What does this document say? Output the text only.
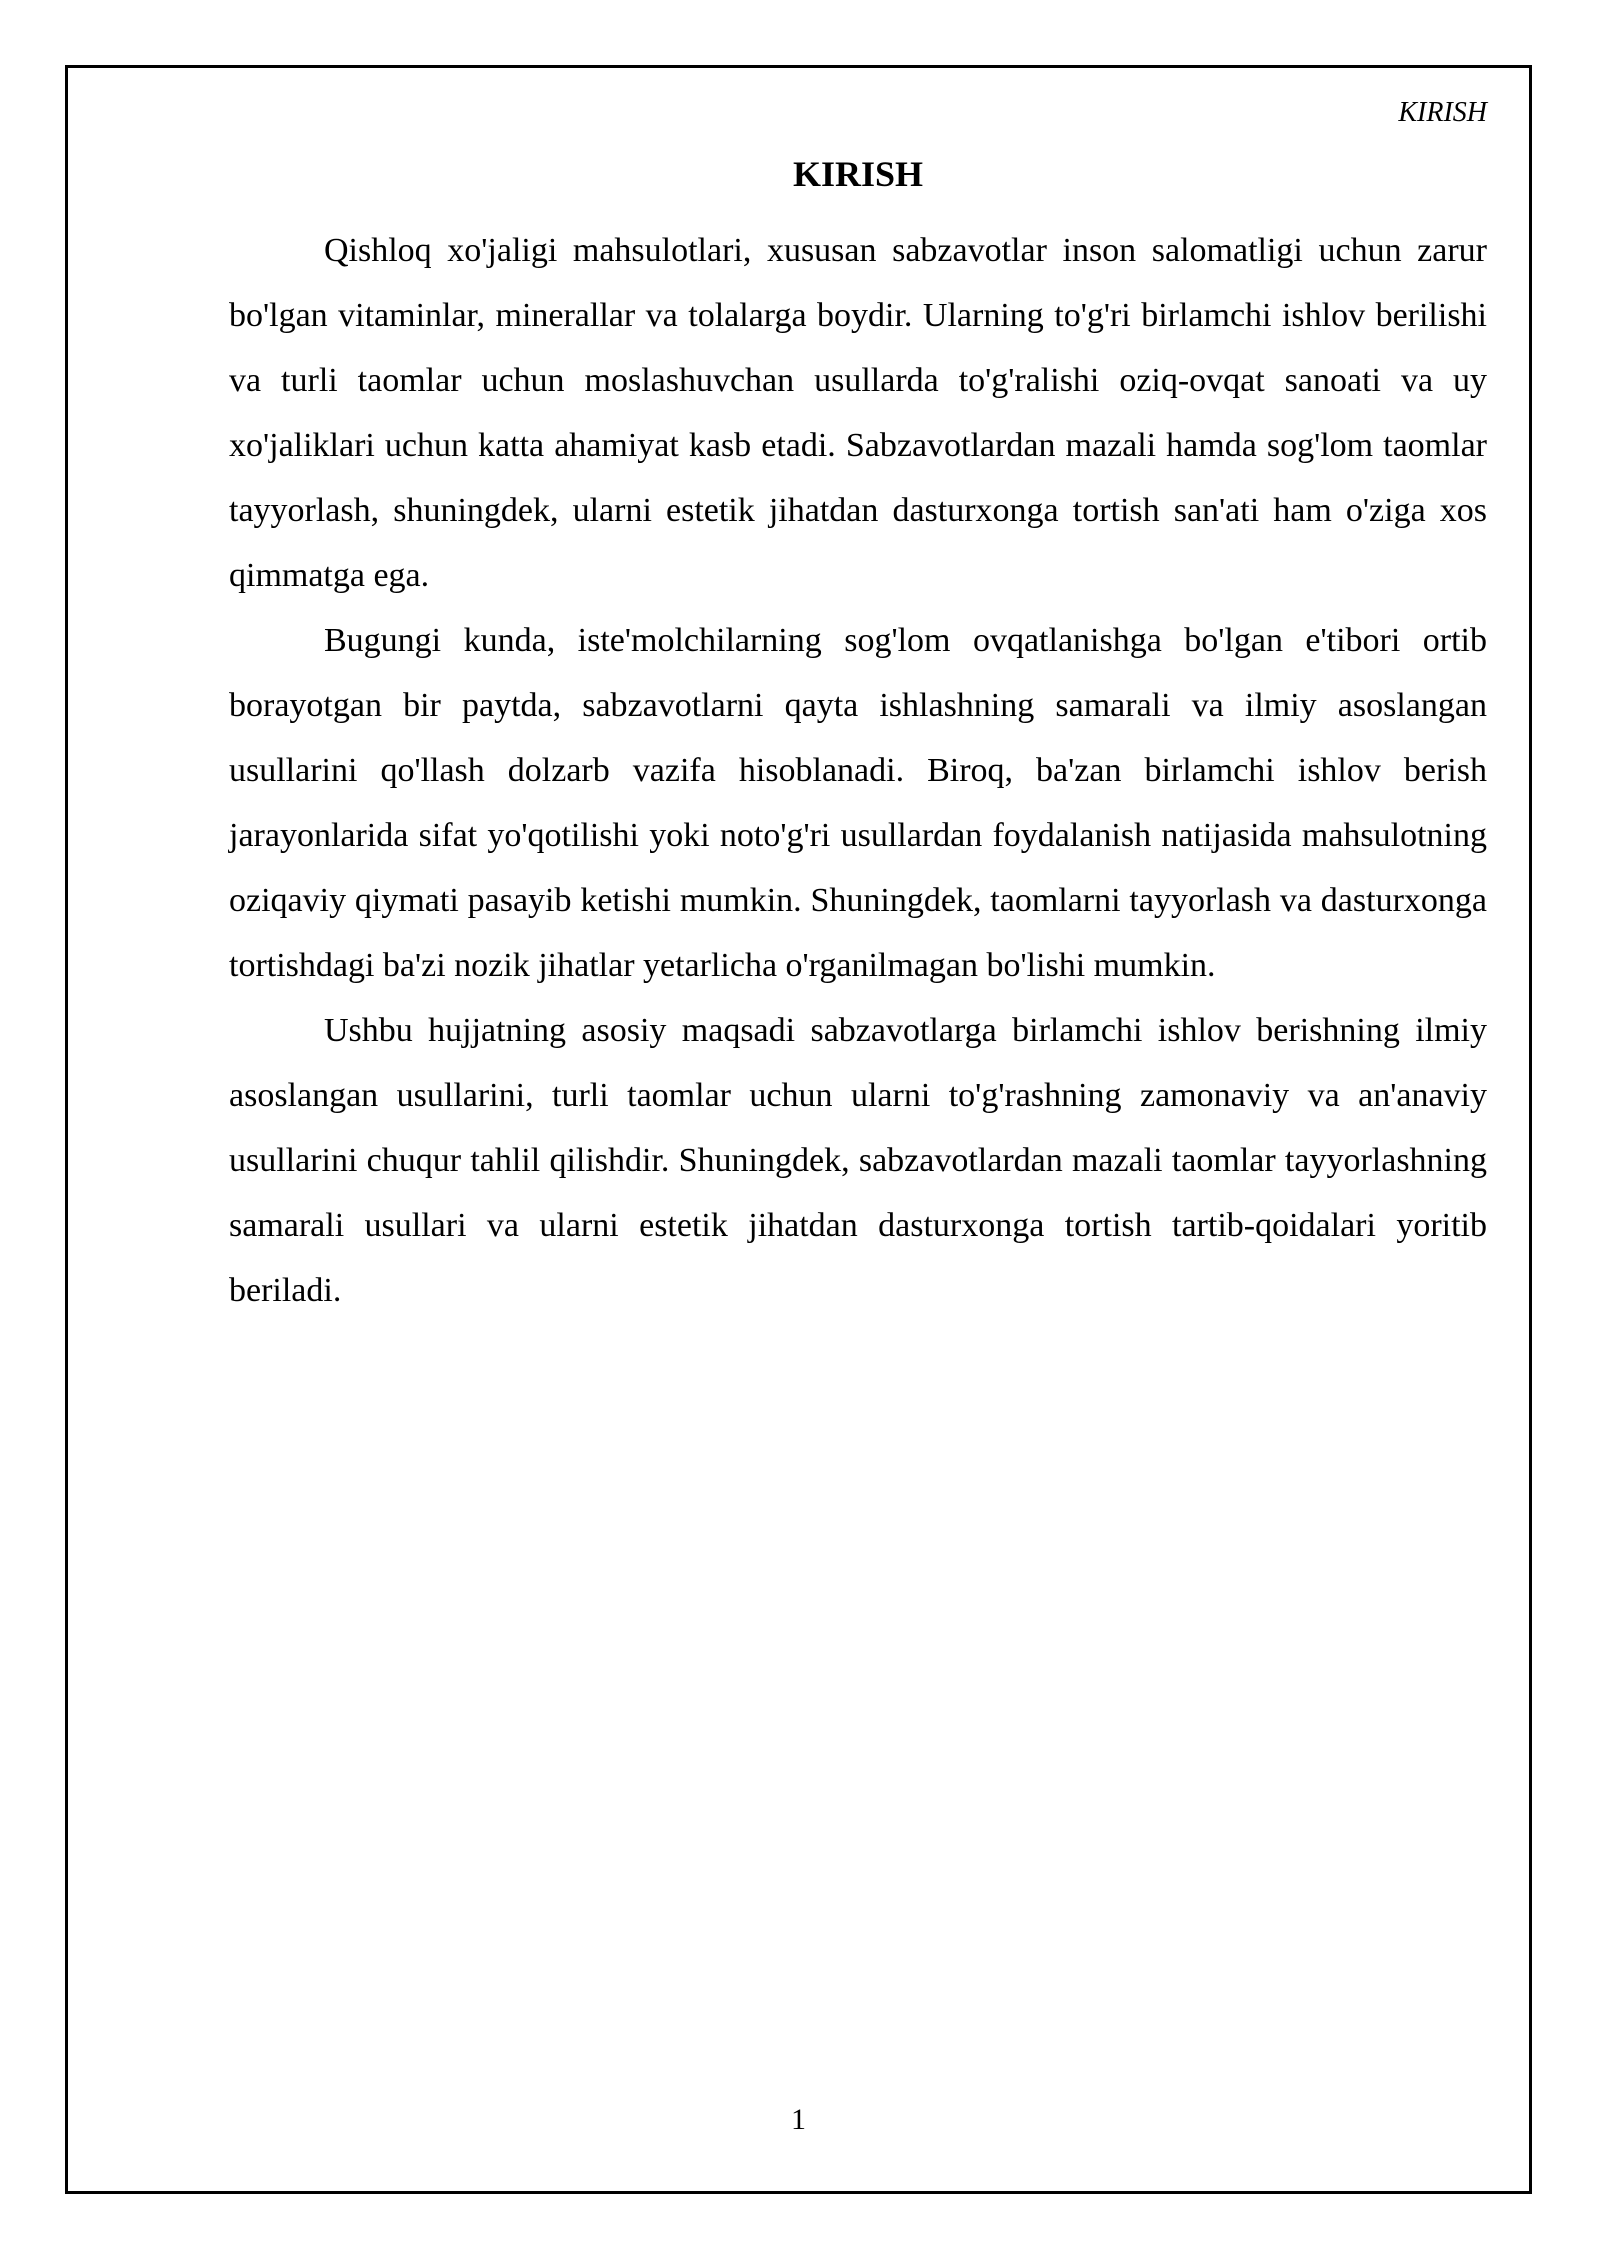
KIRISH
KIRISH

Qishloq xo'jaligi mahsulotlari, xususan sabzavotlar inson salomatligi uchun zarur bo'lgan vitaminlar, minerallar va tolalarga boydir. Ularning to'g'ri birlamchi ishlov berilishi va turli taomlar uchun moslashuvchan usullarda to'g'ralishi oziq-ovqat sanoati va uy xo'jaliklari uchun katta ahamiyat kasb etadi. Sabzavotlardan mazali hamda sog'lom taomlar tayyorlash, shuningdek, ularni estetik jihatdan dasturxonga tortish san'ati ham o'ziga xos qimmatga ega.

Bugungi kunda, iste'molchilarning sog'lom ovqatlanishga bo'lgan e'tibori ortib borayotgan bir paytda, sabzavotlarni qayta ishlashning samarali va ilmiy asoslangan usullarini qo'llash dolzarb vazifa hisoblanadi. Biroq, ba'zan birlamchi ishlov berish jarayonlarida sifat yo'qotilishi yoki noto'g'ri usullardan foydalanish natijasida mahsulotning oziqaviy qiymati pasayib ketishi mumkin. Shuningdek, taomlarni tayyorlash va dasturxonga tortishdagi ba'zi nozik jihatlar yetarlicha o'rganilmagan bo'lishi mumkin.

Ushbu hujjatning asosiy maqsadi sabzavotlarga birlamchi ishlov berishning ilmiy asoslangan usullarini, turli taomlar uchun ularni to'g'rashning zamonaviy va an'anaviy usullarini chuqur tahlil qilishdir. Shuningdek, sabzavotlardan mazali taomlar tayyorlashning samarali usullari va ularni estetik jihatdan dasturxonga tortish tartib-qoidalari yoritib beriladi.

1
